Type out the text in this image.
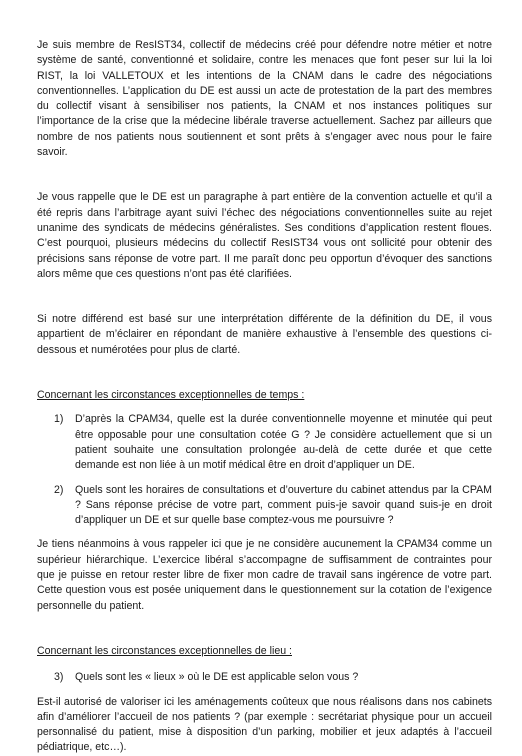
Je suis membre de ResIST34, collectif de médecins créé pour défendre notre métier et notre système de santé, conventionné et solidaire, contre les menaces que font peser sur lui la loi RIST, la loi VALLETOUX et les intentions de la CNAM dans le cadre des négociations conventionnelles. L’application du DE est aussi un acte de protestation de la part des membres du collectif visant à sensibiliser nos patients, la CNAM et nos instances politiques sur l’importance de la crise que la médecine libérale traverse actuellement. Sachez par ailleurs que nombre de nos patients nous soutiennent et sont prêts à s’engager avec nous pour le faire savoir.

Je vous rappelle que le DE est un paragraphe à part entière de la convention actuelle et qu’il a été repris dans l’arbitrage ayant suivi l’échec des négociations conventionnelles suite au rejet unanime des syndicats de médecins généralistes. Ses conditions d’application restent floues. C’est pourquoi, plusieurs médecins du collectif ResIST34 vous ont sollicité pour obtenir des précisions sans réponse de votre part. Il me paraît donc peu opportun d’évoquer des sanctions alors même que ces questions n’ont pas été clarifiées.

Si notre différend est basé sur une interprétation différente de la définition du DE, il vous appartient de m’éclairer en répondant de manière exhaustive à l’ensemble des questions ci-dessous et numérotées pour plus de clarté.

Concernant les circonstances exceptionnelles de temps :

1) D’après la CPAM34, quelle est la durée conventionnelle moyenne et minutée qui peut être opposable pour une consultation cotée G ? Je considère actuellement que si un patient souhaite une consultation prolongée au-delà de cette durée et que cette demande est non liée à un motif médical être en droit d’appliquer un DE.
2) Quels sont les horaires de consultations et d’ouverture du cabinet attendus par la CPAM ? Sans réponse précise de votre part, comment puis-je savoir quand suis-je en droit d’appliquer un DE et sur quelle base comptez-vous me poursuivre ?

Je tiens néanmoins à vous rappeler ici que je ne considère aucunement la CPAM34 comme un supérieur hiérarchique. L’exercice libéral s’accompagne de suffisamment de contraintes pour que je puisse en retour rester libre de fixer mon cadre de travail sans ingérence de votre part. Cette question vous est posée uniquement dans le questionnement sur la cotation de l’exigence personnelle du patient.

Concernant les circonstances exceptionnelles de lieu :

3) Quels sont les « lieux » où le DE est applicable selon vous ?

Est-il autorisé de valoriser ici les aménagements coûteux que nous réalisons dans nos cabinets afin d’améliorer l’accueil de nos patients ? (par exemple : secrétariat physique pour un accueil personnalisé du patient, mise à disposition d’un parking, mobilier et jeux adaptés à l’accueil pédiatrique, etc…).
